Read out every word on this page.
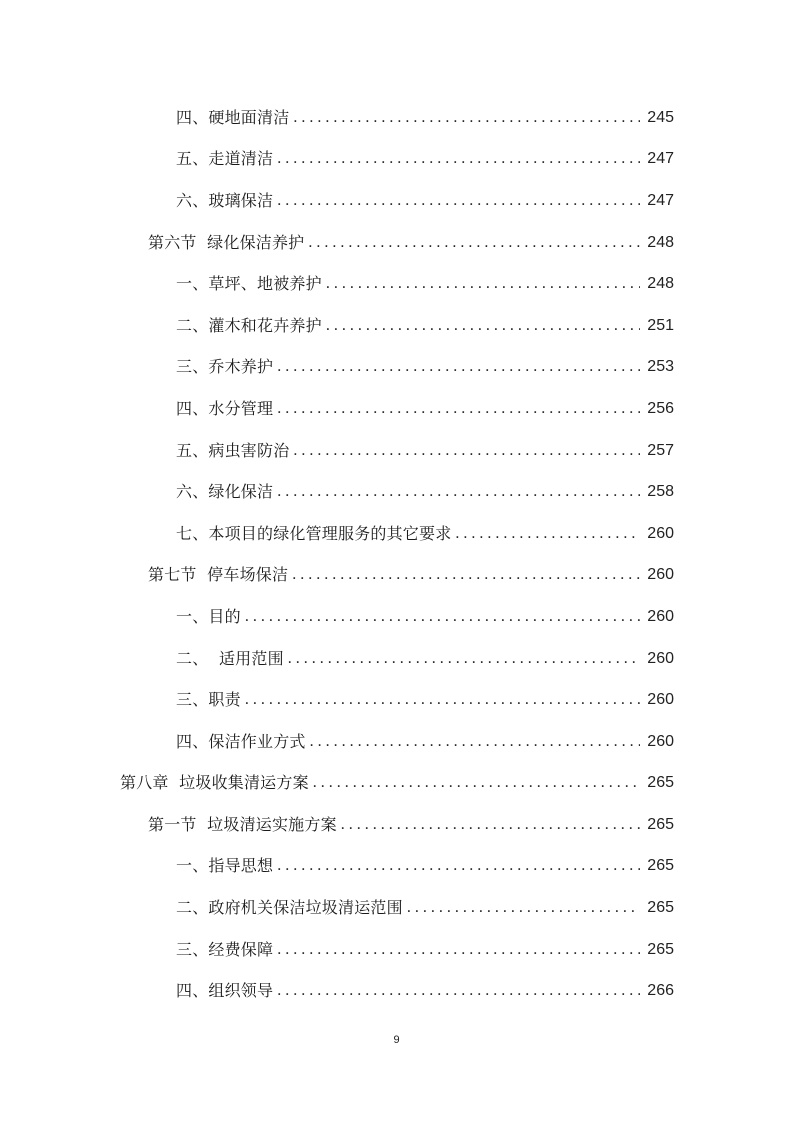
四、硬地面清洁 . . .	245
五、走道清洁 . . .	247
六、玻璃保洁 . . .	247
第六节  绿化保洁养护 . . .	248
一、草坪、地被养护 . . .	248
二、灌木和花卉养护 . . .	251
三、乔木养护 . . .	253
四、水分管理 . . .	256
五、病虫害防治 . . .	257
六、绿化保洁 . . .	258
七、本项目的绿化管理服务的其它要求 . . .	260
第七节  停车场保洁 . . .	260
一、目的 . . .	260
二、  适用范围 . . .	260
三、职责 . . .	260
四、保洁作业方式 . . .	260
第八章  垃圾收集清运方案 . . .	265
第一节  垃圾清运实施方案 . . .	265
一、指导思想 . . .	265
二、政府机关保洁垃圾清运范围 . . .	265
三、经费保障 . . .	265
四、组织领导 . . .	266
9
